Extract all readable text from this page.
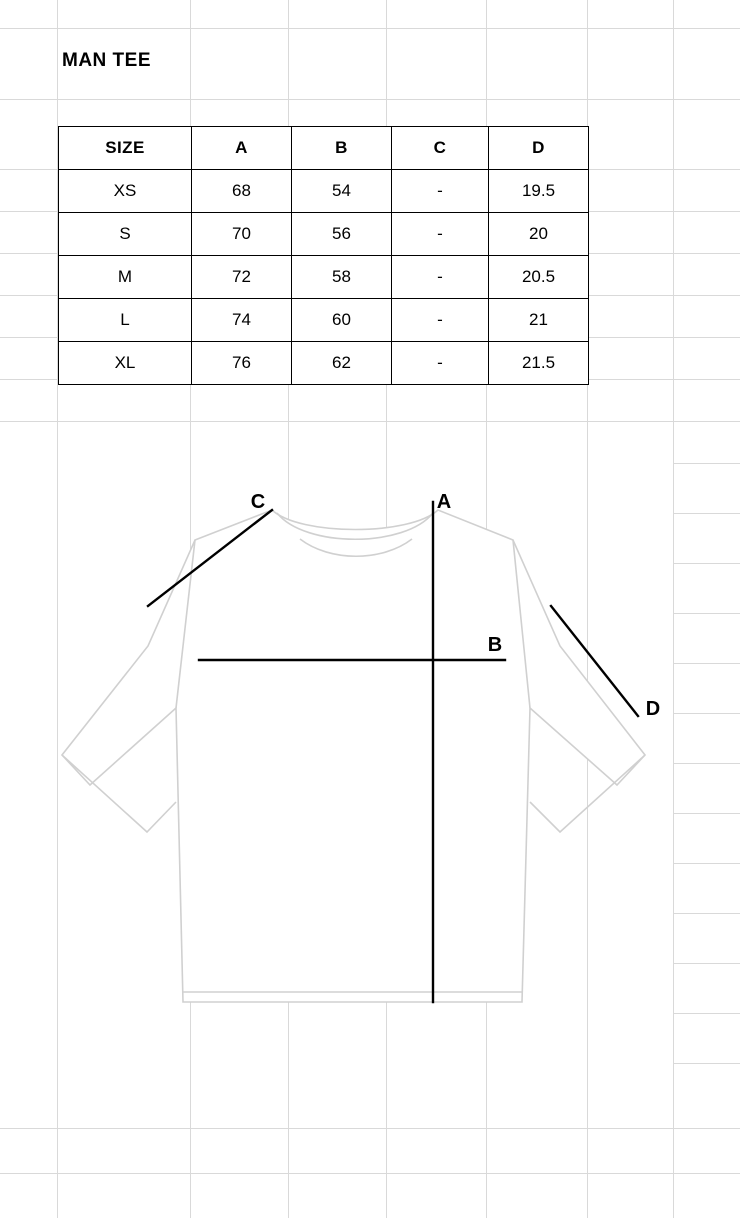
MAN TEE
SIZE	A	B	C	D
XS	68	54	-	19.5
S	70	56	-	20
M	72	58	-	20.5
L	74	60	-	21
XL	76	62	-	21.5
C	A
B
D
